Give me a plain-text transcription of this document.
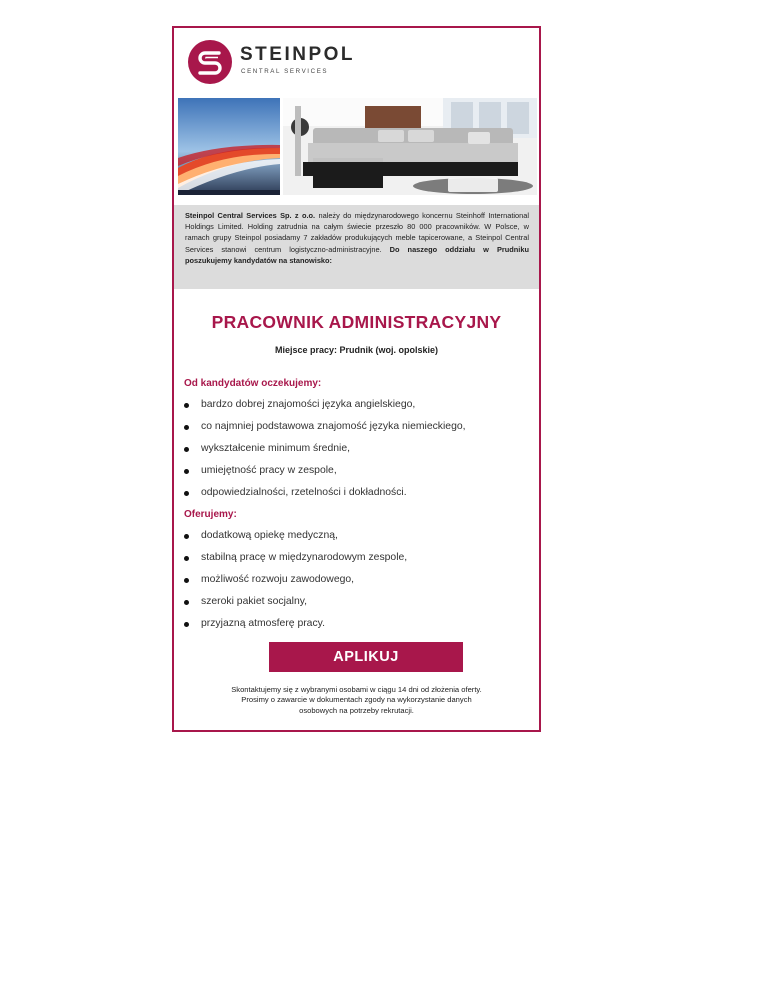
STEINPOL
CENTRAL SERVICES
Steinpol Central Services Sp. z o.o. należy do międzynarodowego koncernu Steinhoff International Holdings Limited. Holding zatrudnia na całym świecie przeszło 80 000 pracowników. W Polsce, w ramach grupy Steinpol posiadamy 7 zakładów produkujących meble tapicerowane, a Steinpol Central Services stanowi centrum logistyczno-administracyjne. Do naszego oddziału w Prudniku poszukujemy kandydatów na stanowisko:
PRACOWNIK ADMINISTRACYJNY
Miejsce pracy: Prudnik (woj. opolskie)
Od kandydatów oczekujemy:
bardzo dobrej znajomości języka angielskiego,
co najmniej podstawowa znajomość języka niemieckiego,
wykształcenie minimum średnie,
umiejętność pracy w zespole,
odpowiedzialności, rzetelności i dokładności.
Oferujemy:
dodatkową opiekę medyczną,
stabilną pracę w międzynarodowym zespole,
możliwość rozwoju zawodowego,
szeroki pakiet socjalny,
przyjazną atmosferę pracy.
APLIKUJ
Skontaktujemy się z wybranymi osobami w ciągu 14 dni od złożenia oferty.
Prosimy o zawarcie w dokumentach zgody na wykorzystanie danych
osobowych na potrzeby rekrutacji.
